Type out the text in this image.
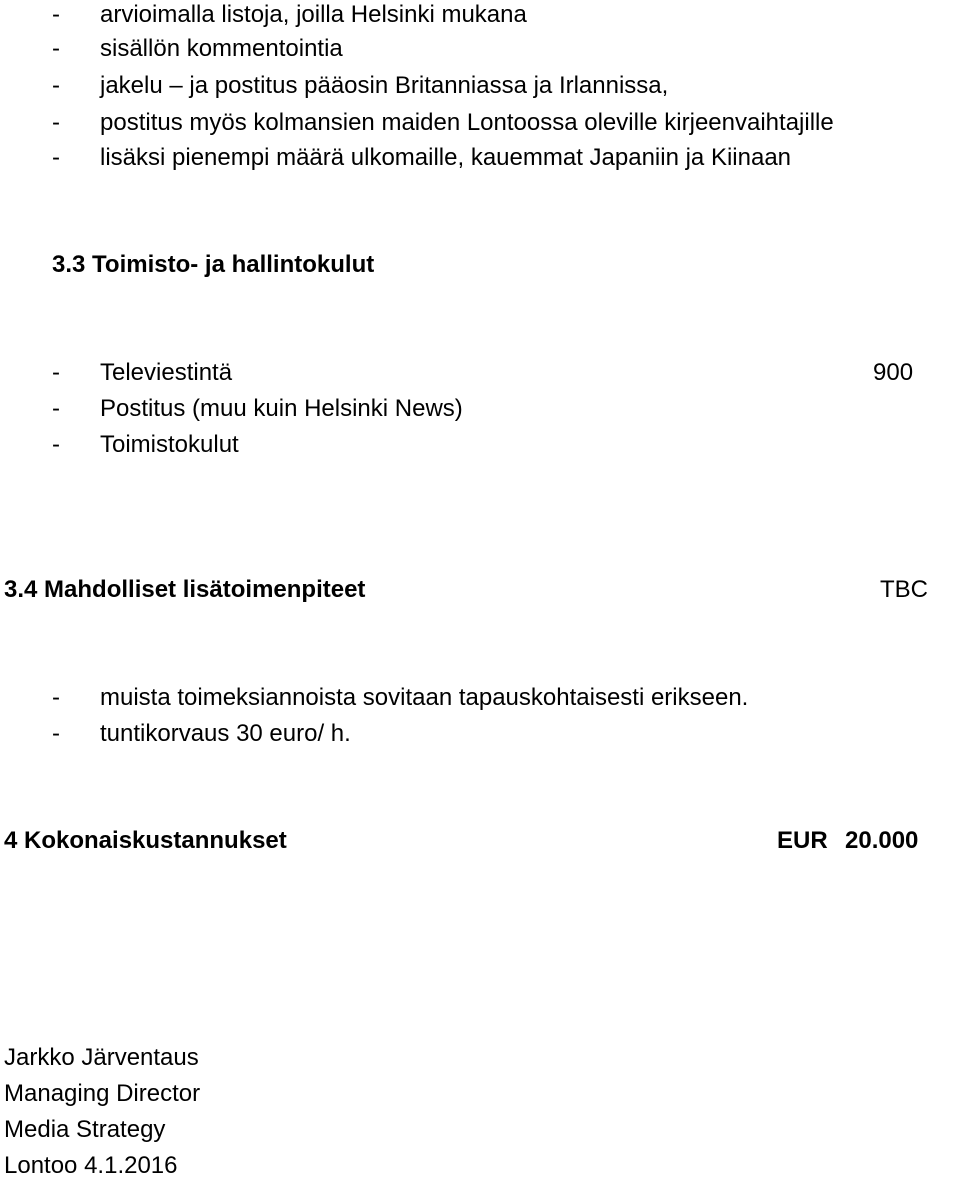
- arvioimalla listoja, joilla Helsinki mukana
- sisällön kommentointia
- jakelu – ja postitus pääosin Britanniassa ja Irlannissa,
- postitus myös kolmansien maiden Lontoossa oleville kirjeenvaihtajille
- lisäksi pienempi määrä ulkomaille, kauemmat Japaniin ja Kiinaan
3.3 Toimisto- ja hallintokulut
- Televiestintä	900
- Postitus (muu kuin Helsinki News)
- Toimistokulut
3.4 Mahdolliset lisätoimenpiteet	TBC
- muista toimeksiannoista sovitaan tapauskohtaisesti erikseen.
- tuntikorvaus 30 euro/ h.
4 Kokonaiskustannukset	EUR 20.000
Jarkko Järventaus
Managing Director
Media Strategy
Lontoo 4.1.2016
